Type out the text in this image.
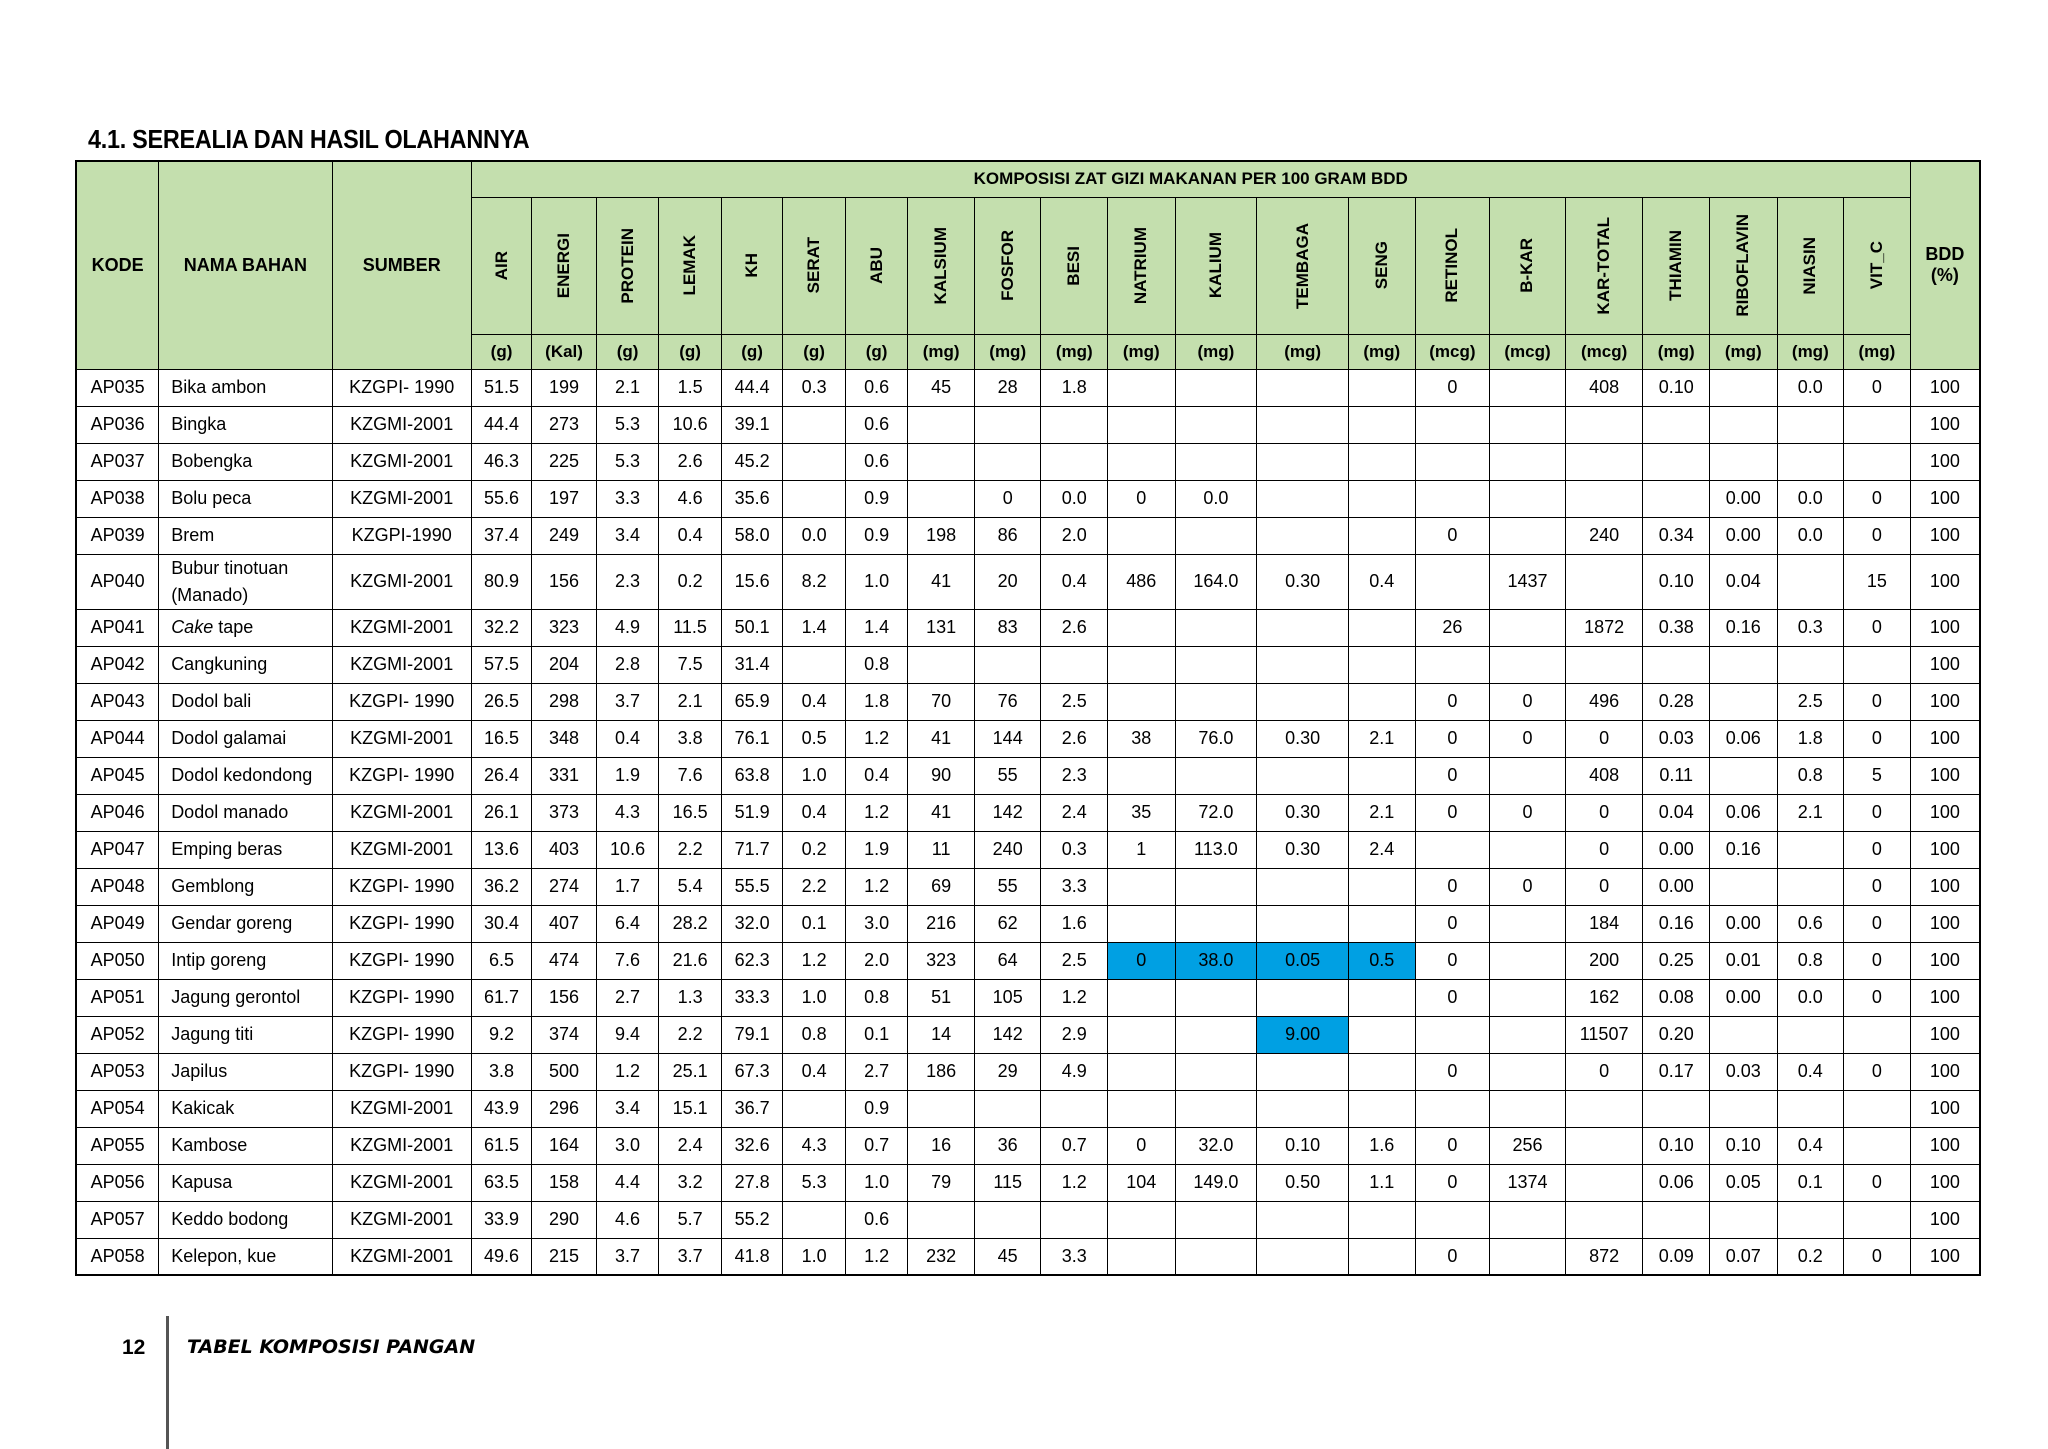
4.1. SEREALIA DAN HASIL OLAHANNYA
KODE	NAMA BAHAN	SUMBER	KOMPOSISI ZAT GIZI MAKANAN PER 100 GRAM BDD																					BDD
(%)

			AIR	ENERGI	PROTEIN	LEMAK	KH	SERAT	ABU	KALSIUM	FOSFOR	BESI	NATRIUM	KALIUM	TEMBAGA	SENG	RETINOL	B-KAR	KAR-TOTAL	THIAMIN	RIBOFLAVIN	NIASIN	VIT_C	

			(g)	(Kal)	(g)	(g)	(g)	(g)	(g)	(mg)	(mg)	(mg)	(mg)	(mg)	(mg)	(mg)	(mcg)	(mcg)	(mcg)	(mg)	(mg)	(mg)	(mg)	
AP035	Bika ambon	KZGPI- 1990	51.5	199	2.1	1.5	44.4	0.3	0.6	45	28	1.8					0		408	0.10		0.0	0	100
AP036	Bingka	KZGMI-2001	44.4	273	5.3	10.6	39.1		0.6															100
AP037	Bobengka	KZGMI-2001	46.3	225	5.3	2.6	45.2		0.6															100
AP038	Bolu peca	KZGMI-2001	55.6	197	3.3	4.6	35.6		0.9		0	0.0	0	0.0							0.00	0.0	0	100
AP039	Brem	KZGPI-1990	37.4	249	3.4	0.4	58.0	0.0	0.9	198	86	2.0					0		240	0.34	0.00	0.0	0	100
AP040	Bubur tinotuan (Manado)	KZGMI-2001	80.9	156	2.3	0.2	15.6	8.2	1.0	41	20	0.4	486	164.0	0.30	0.4		1437		0.10	0.04		15	100
AP041	Cake tape	KZGMI-2001	32.2	323	4.9	11.5	50.1	1.4	1.4	131	83	2.6					26		1872	0.38	0.16	0.3	0	100
AP042	Cangkuning	KZGMI-2001	57.5	204	2.8	7.5	31.4		0.8															100
AP043	Dodol bali	KZGPI- 1990	26.5	298	3.7	2.1	65.9	0.4	1.8	70	76	2.5					0	0	496	0.28		2.5	0	100
AP044	Dodol galamai	KZGMI-2001	16.5	348	0.4	3.8	76.1	0.5	1.2	41	144	2.6	38	76.0	0.30	2.1	0	0	0	0.03	0.06	1.8	0	100
AP045	Dodol kedondong	KZGPI- 1990	26.4	331	1.9	7.6	63.8	1.0	0.4	90	55	2.3					0		408	0.11		0.8	5	100
AP046	Dodol manado	KZGMI-2001	26.1	373	4.3	16.5	51.9	0.4	1.2	41	142	2.4	35	72.0	0.30	2.1	0	0	0	0.04	0.06	2.1	0	100
AP047	Emping beras	KZGMI-2001	13.6	403	10.6	2.2	71.7	0.2	1.9	11	240	0.3	1	113.0	0.30	2.4			0	0.00	0.16		0	100
AP048	Gemblong	KZGPI- 1990	36.2	274	1.7	5.4	55.5	2.2	1.2	69	55	3.3					0	0	0	0.00			0	100
AP049	Gendar goreng	KZGPI- 1990	30.4	407	6.4	28.2	32.0	0.1	3.0	216	62	1.6					0		184	0.16	0.00	0.6	0	100
AP050	Intip goreng	KZGPI- 1990	6.5	474	7.6	21.6	62.3	1.2	2.0	323	64	2.5	0	38.0	0.05	0.5	0		200	0.25	0.01	0.8	0	100
AP051	Jagung gerontol	KZGPI- 1990	61.7	156	2.7	1.3	33.3	1.0	0.8	51	105	1.2					0		162	0.08	0.00	0.0	0	100
AP052	Jagung titi	KZGPI- 1990	9.2	374	9.4	2.2	79.1	0.8	0.1	14	142	2.9			9.00				11507	0.20				100
AP053	Japilus	KZGPI- 1990	3.8	500	1.2	25.1	67.3	0.4	2.7	186	29	4.9					0		0	0.17	0.03	0.4	0	100
AP054	Kakicak	KZGMI-2001	43.9	296	3.4	15.1	36.7		0.9															100
AP055	Kambose	KZGMI-2001	61.5	164	3.0	2.4	32.6	4.3	0.7	16	36	0.7	0	32.0	0.10	1.6	0	256		0.10	0.10	0.4		100
AP056	Kapusa	KZGMI-2001	63.5	158	4.4	3.2	27.8	5.3	1.0	79	115	1.2	104	149.0	0.50	1.1	0	1374		0.06	0.05	0.1	0	100
AP057	Keddo bodong	KZGMI-2001	33.9	290	4.6	5.7	55.2		0.6															100
AP058	Kelepon, kue	KZGMI-2001	49.6	215	3.7	3.7	41.8	1.0	1.2	232	45	3.3					0		872	0.09	0.07	0.2	0	100
12 TABEL KOMPOSISI PANGAN
